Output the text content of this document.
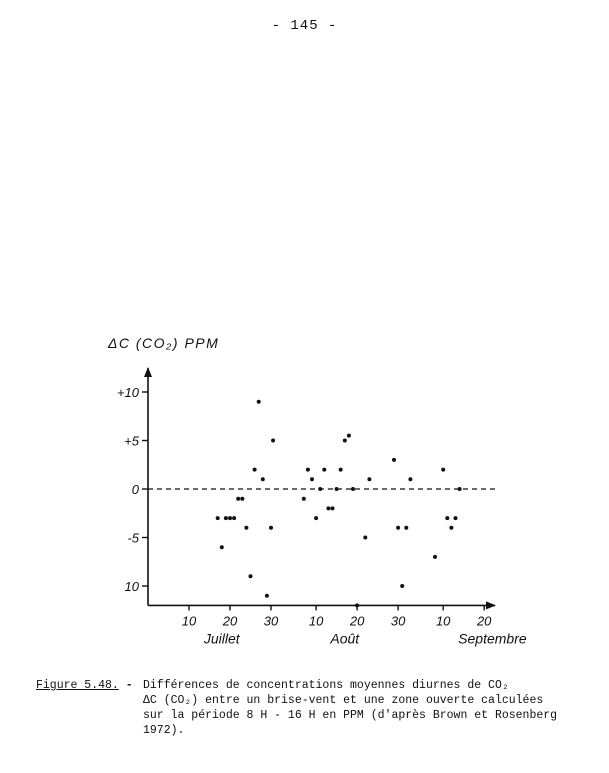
- 145 -
+10
+5
0
-5
10
10 20 30 10 20 30 10 20
Juillet	Août	Septembre
ΔC (CO₂) PPM
Figure 5.48. - Différences de concentrations moyennes diurnes de CO₂
ΔC (CO₂) entre un brise-vent et une zone ouverte calculées
sur la période 8 H - 16 H en PPM (d'après Brown et Rosenberg
1972).
